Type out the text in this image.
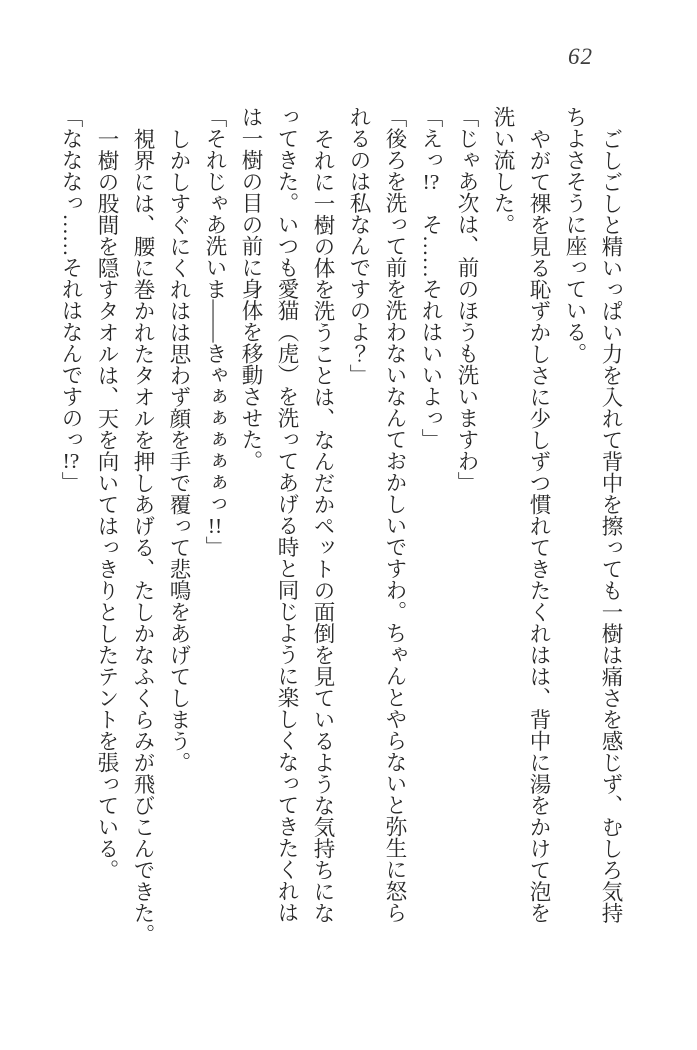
62

ごしごしと精いっぱい力を入れて背中を擦っても一樹は痛さを感じず、むしろ気持

ちよさそうに座っている。

やがて裸を見る恥ずかしさに少しずつ慣れてきたくれはは、背中に湯をかけて泡を

洗い流した。

「じゃあ次は、前のほうも洗いますわ」

「えっ!?　そ……それはいいよっ」

「後ろを洗って前を洗わないなんておかしいですわ。ちゃんとやらないと弥生に怒ら

れるのは私なんですのよ？」

それに一樹の体を洗うことは、なんだかペットの面倒を見ているような気持ちにな

ってきた。いつも愛猫（虎）を洗ってあげる時と同じように楽しくなってきたくれは

は一樹の目の前に身体を移動させた。

「それじゃあ洗いま――きゃぁぁぁぁぁっ!!」

しかしすぐにくれはは思わず顔を手で覆って悲鳴をあげてしまう。

視界には、腰に巻かれたタオルを押しあげる、たしかなふくらみが飛びこんできた。

一樹の股間を隠すタオルは、天を向いてはっきりとしたテントを張っている。

「なななっ……それはなんですのっ!?」
